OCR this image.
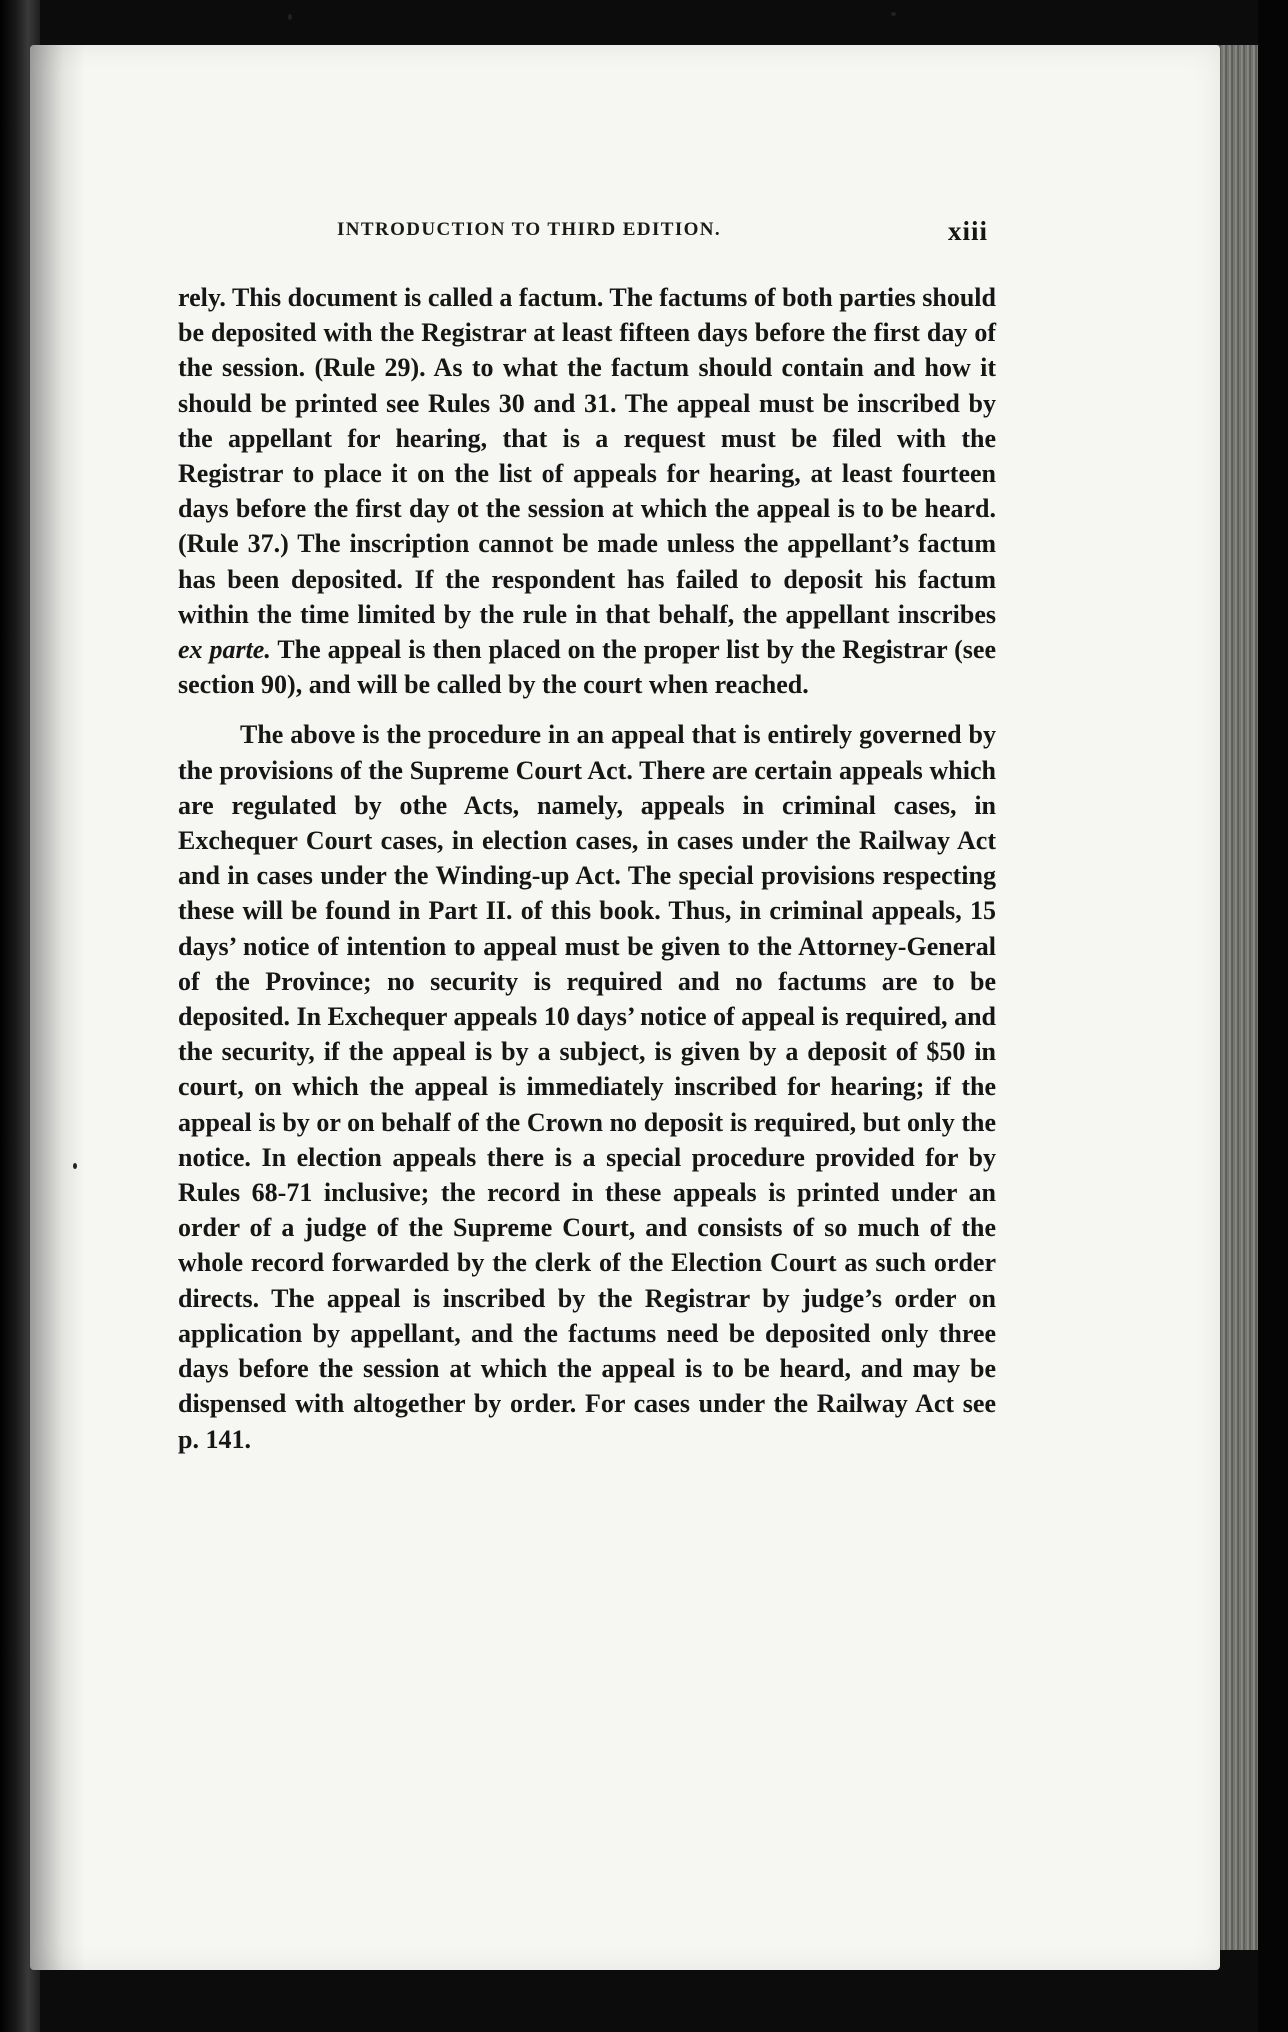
INTRODUCTION TO THIRD EDITION.	xiii

rely. This document is called a factum. The factums of both parties should be deposited with the Registrar at least fifteen days before the first day of the session. (Rule 29). As to what the factum should contain and how it should be printed see Rules 30 and 31. The appeal must be inscribed by the appellant for hearing, that is a request must be filed with the Registrar to place it on the list of appeals for hearing, at least fourteen days before the first day ot the session at which the appeal is to be heard. (Rule 37.) The inscription cannot be made unless the appellant’s factum has been deposited. If the respondent has failed to deposit his factum within the time limited by the rule in that behalf, the appellant inscribes ex parte. The appeal is then placed on the proper list by the Registrar (see section 90), and will be called by the court when reached.

The above is the procedure in an appeal that is entirely governed by the provisions of the Supreme Court Act. There are certain appeals which are regulated by othe Acts, namely, appeals in criminal cases, in Exchequer Court cases, in election cases, in cases under the Railway Act and in cases under the Winding-up Act. The special provisions respecting these will be found in Part II. of this book. Thus, in criminal appeals, 15 days’ notice of intention to appeal must be given to the Attorney-General of the Province; no security is required and no factums are to be deposited. In Exchequer appeals 10 days’ notice of appeal is required, and the security, if the appeal is by a subject, is given by a deposit of $50 in court, on which the appeal is immediately inscribed for hearing; if the appeal is by or on behalf of the Crown no deposit is required, but only the notice. In election appeals there is a special procedure provided for by Rules 68-71 inclusive; the record in these appeals is printed under an order of a judge of the Supreme Court, and consists of so much of the whole record forwarded by the clerk of the Election Court as such order directs. The appeal is inscribed by the Registrar by judge’s order on application by appellant, and the factums need be deposited only three days before the session at which the appeal is to be heard, and may be dispensed with altogether by order. For cases under the Railway Act see p. 141.
